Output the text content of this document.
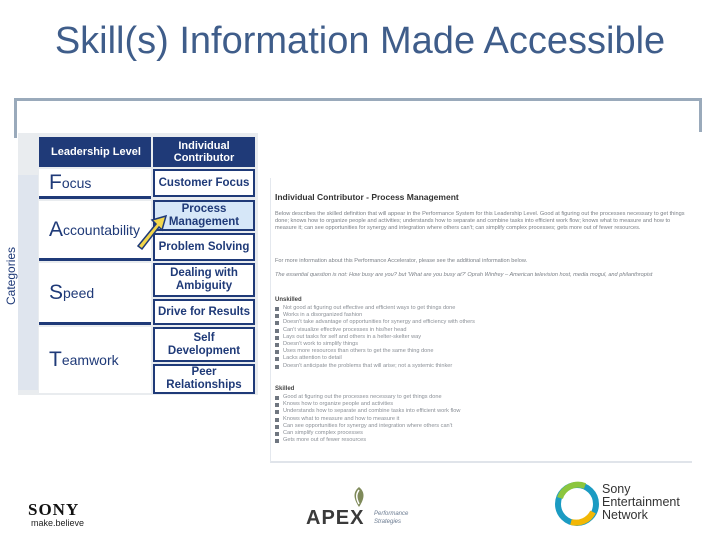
Skill(s) Information Made Accessible
Categories
Leadership Level	Individual Contributor
F ocus
A ccountability
S peed
T eamwork
Customer Focus
Process Management
Problem Solving
Dealing with Ambiguity
Drive for Results
Self Development
Peer Relationships
Individual Contributor - Process Management
Below describes the skilled definition that will appear in the Performance System for this Leadership Level. Good at figuring out the processes necessary to get things done; knows how to organize people and activities; understands how to separate and combine tasks into efficient work flow; knows what to measure and how to measure it; can see opportunities for synergy and integration where others can't; can simplify complex processes; gets more out of fewer resources.
For more information about this Performance Accelerator, please see the additional information below.
The essential question is not: How busy are you? but 'What are you busy at?' Oprah Winfrey – American television host, media mogul, and philanthropist
Unskilled
Not good at figuring out effective and efficient ways to get things done
Works in a disorganized fashion
Doesn't take advantage of opportunities for synergy and efficiency with others
Can't visualize effective processes in his/her head
Lays out tasks for self and others in a helter-skelter way
Doesn't work to simplify things
Uses more resources than others to get the same thing done
Lacks attention to detail
Doesn't anticipate the problems that will arise; not a systemic thinker
Skilled
Good at figuring out the processes necessary to get things done
Knows how to organize people and activities
Understands how to separate and combine tasks into efficient work flow
Knows what to measure and how to measure it
Can see opportunities for synergy and integration where others can't
Can simplify complex processes
Gets more out of fewer resources
SONY
make.believe	APEX Performance Strategies
Sony
Entertainment
Network
